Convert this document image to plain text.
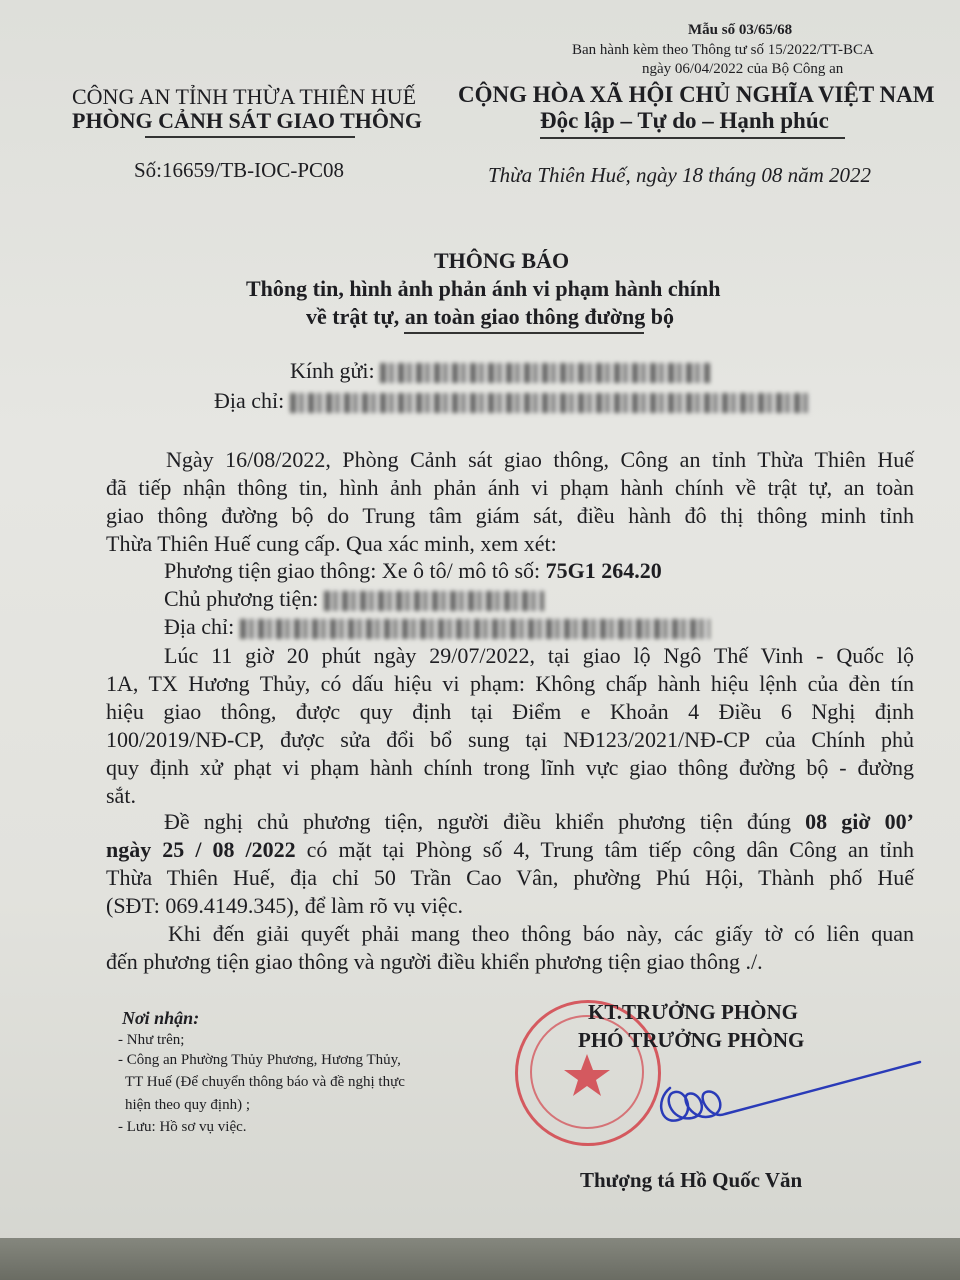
Mẫu số 03/65/68
Ban hành kèm theo Thông tư số 15/2022/TT-BCA
ngày 06/04/2022 của Bộ Công an
CÔNG AN TỈNH THỪA THIÊN HUẾ
PHÒNG CẢNH SÁT GIAO THÔNG
Số:16659/TB-IOC-PC08
CỘNG HÒA XÃ HỘI CHỦ NGHĨA VIỆT NAM
Độc lập – Tự do – Hạnh phúc
Thừa Thiên Huế, ngày 18 tháng 08 năm 2022
THÔNG BÁO
Thông tin, hình ảnh phản ánh vi phạm hành chính
về trật tự, an toàn giao thông đường bộ
Kính gửi:
Địa chỉ:
Ngày 16/08/2022, Phòng Cảnh sát giao thông, Công an tỉnh Thừa Thiên Huế
đã tiếp nhận thông tin, hình ảnh phản ánh vi phạm hành chính về trật tự, an toàn
giao thông đường bộ do Trung tâm giám sát, điều hành đô thị thông minh tỉnh
Thừa Thiên Huế cung cấp. Qua xác minh, xem xét:
Phương tiện giao thông: Xe ô tô/ mô tô số: 75G1 264.20
Chủ phương tiện:
Địa chỉ:
Lúc 11 giờ 20 phút ngày 29/07/2022, tại giao lộ Ngô Thế Vinh - Quốc lộ
1A, TX Hương Thủy, có dấu hiệu vi phạm: Không chấp hành hiệu lệnh của đèn tín
hiệu giao thông, được quy định tại Điểm e Khoản 4 Điều 6 Nghị định
100/2019/NĐ-CP, được sửa đổi bổ sung tại NĐ123/2021/NĐ-CP của Chính phủ
quy định xử phạt vi phạm hành chính trong lĩnh vực giao thông đường bộ - đường
sắt.
Đề nghị chủ phương tiện, người điều khiển phương tiện đúng 08 giờ 00’
ngày 25 / 08 /2022 có mặt tại Phòng số 4, Trung tâm tiếp công dân Công an tỉnh
Thừa Thiên Huế, địa chỉ 50 Trần Cao Vân, phường Phú Hội, Thành phố Huế
(SĐT: 069.4149.345), để làm rõ vụ việc.
Khi đến giải quyết phải mang theo thông báo này, các giấy tờ có liên quan
đến phương tiện giao thông và người điều khiển phương tiện giao thông ./.
Nơi nhận:
- Như trên;
- Công an Phường Thủy Phương, Hương Thủy,
TT Huế (Để chuyển thông báo và đề nghị thực
hiện theo quy định) ;
- Lưu: Hồ sơ vụ việc.
KT.TRƯỞNG PHÒNG
PHÓ TRƯỞNG PHÒNG
Thượng tá Hồ Quốc Văn
